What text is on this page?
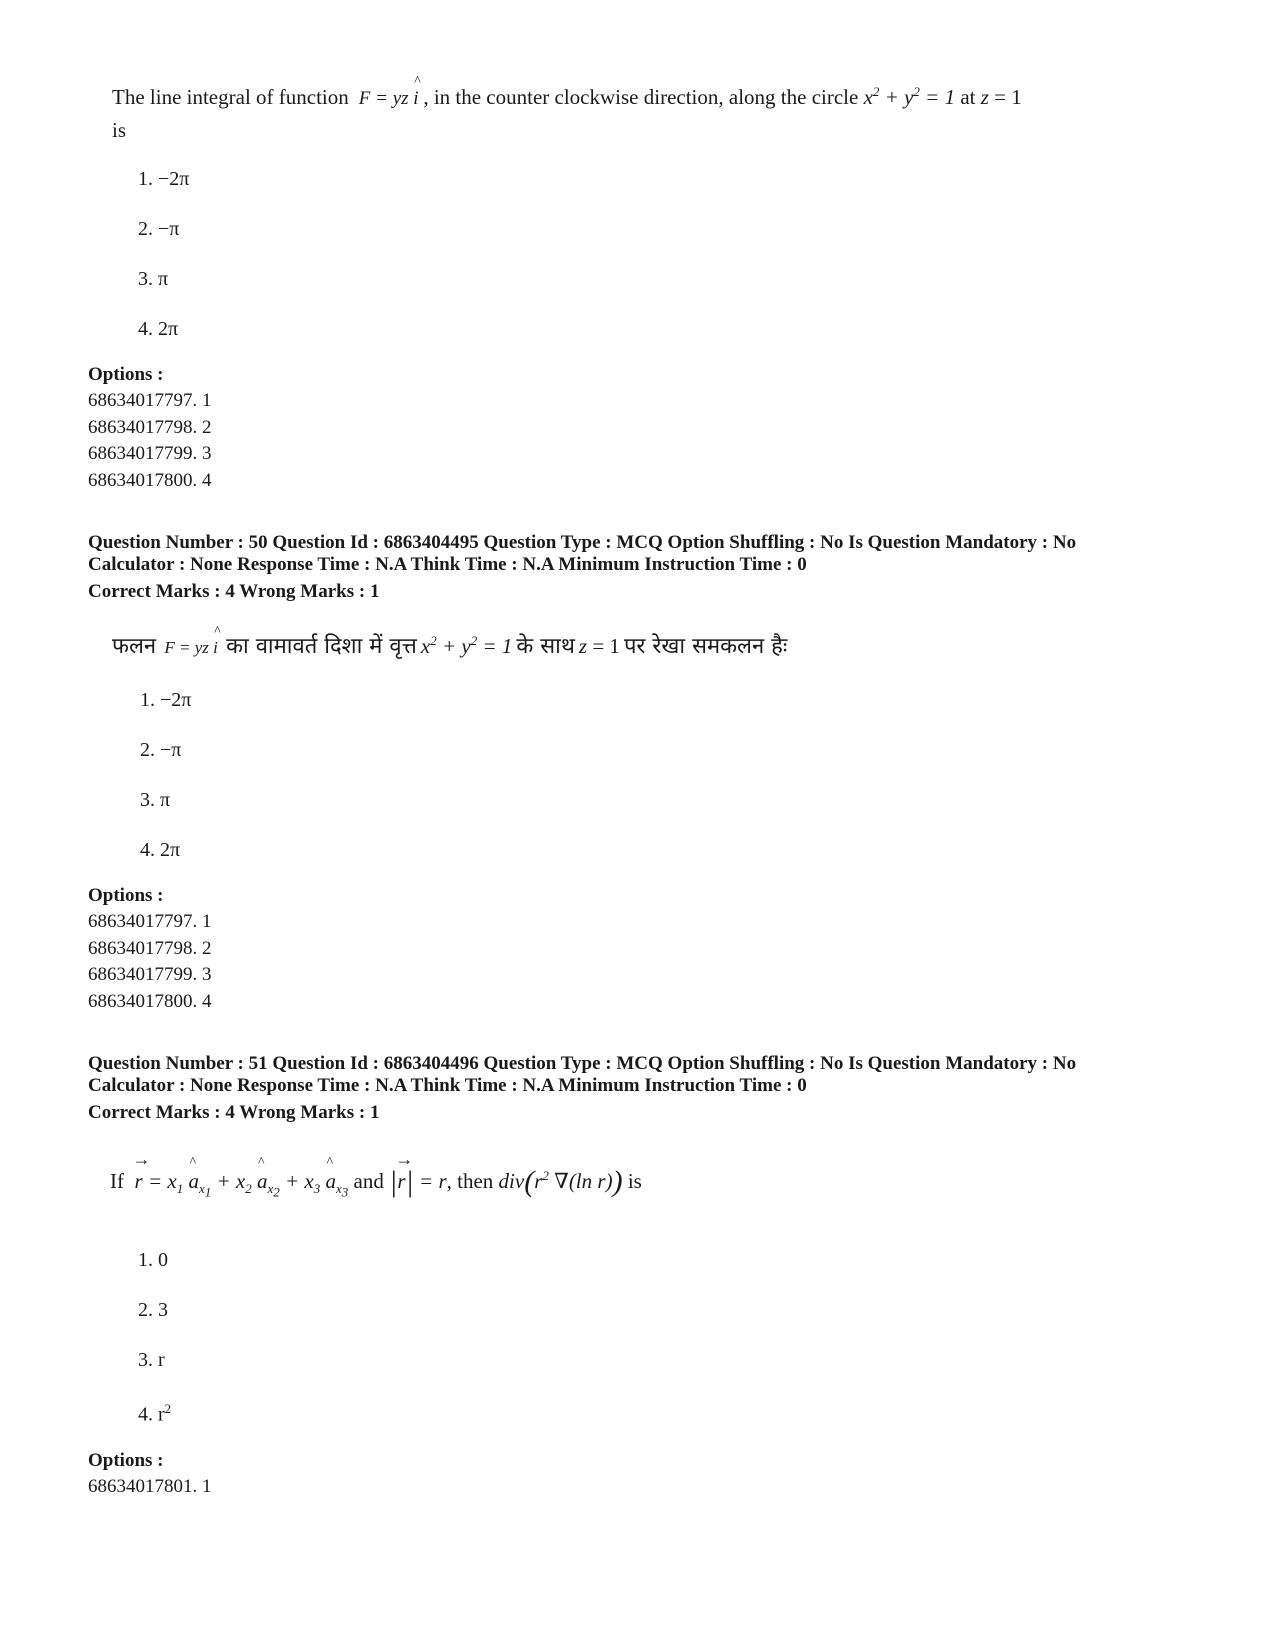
The line integral of function  F = yz ^ i , in the counter clockwise direction, along the circle $x^2 + y^2 = 1$ at z = 1
is
1. −2π
2. −π
3. π
4. 2π
Options :
68634017797. 1
68634017798. 2
68634017799. 3
68634017800. 4
Question Number : 50 Question Id : 6863404495 Question Type : MCQ Option Shuffling : No Is Question Mandatory : No
Calculator : None Response Time : N.A Think Time : N.A Minimum Instruction Time : 0
Correct Marks : 4 Wrong Marks : 1
फलन  F = yz ^ i का वामावर्त दिशा में वृत्त $x^2 + y^2 = 1$ के साथ z = 1 पर रेखा समकलन हैः
1. −2π
2. −π
3. π
4. 2π
Options :
68634017797. 1
68634017798. 2
68634017799. 3
68634017800. 4
Question Number : 51 Question Id : 6863404496 Question Type : MCQ Option Shuffling : No Is Question Mandatory : No
Calculator : None Response Time : N.A Think Time : N.A Minimum Instruction Time : 0
Correct Marks : 4 Wrong Marks : 1
$If \to r = x_1$ ^ $a_{x_1} + x_2$ ^ $a_{x_2} + x_3$ ^ $a_{x_3}$ and |→ r| = r, then $div(r^2$ ∇(ln r)) is
1. 0
2. 3
3. r
4. $r^2$
Options :
68634017801. 1
